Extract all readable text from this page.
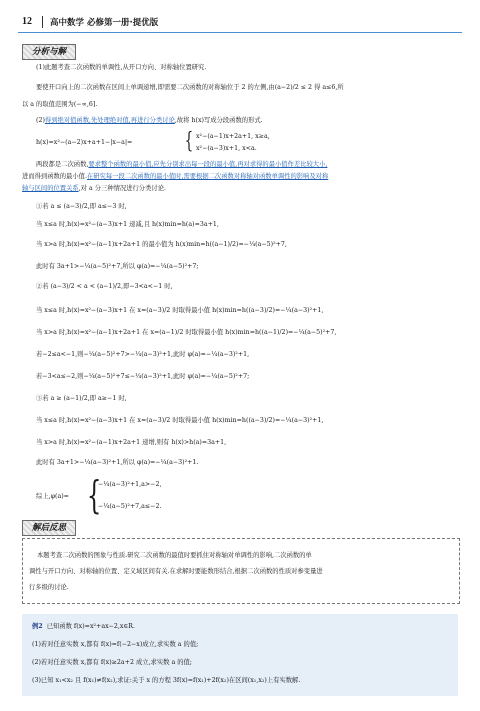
12 高中数学 必修第一册·提优版
分析与解
(1)此题考查二次函数的单调性,从开口方向、对称轴位置研究.
要使开口向上的二次函数在区间上单调递增,即需要二次函数的对称轴位于 2 的左侧,由(a−2)/2 ≤ 2 得 a≤6,所
以 a 的取值范围为(−∞,6].
(2)得到绝对值函数,先处理绝对值,再进行分类讨论,故将 h(x)写成分段函数的形式.
h(x)=x²−(a−2)x+a+1−|x−a|= { x²−(a−1)x+2a+1, x≥a,
x²−(a−3)x+1, x<a.
两段都是二次函数,要求整个函数的最小值,应先分别求出每一段的最小值,再对求得的最小值作差比较大小,
进而得到函数的最小值.在研究每一段二次函数的最小值时,需要根据二次函数对称轴对函数单调性的影响及对称
轴与区间的位置关系,对 a 分三种情况进行分类讨论.
①若 a ≤ (a−3)/2,即 a≤−3 时,
当 x≤a 时,h(x)=x²−(a−3)x+1 递减,且 h(x)min=h(a)=3a+1,
当 x>a 时,h(x)=x²−(a−1)x+2a+1 的最小值为 h(x)min=h((a−1)/2)=−¼(a−5)²+7,
此时有 3a+1>−¼(a−5)²+7,所以 φ(a)=−¼(a−5)²+7;
②若 (a−3)/2 < a < (a−1)/2,即−3<a<−1 时,
当 x≤a 时,h(x)=x²−(a−3)x+1 在 x=(a−3)/2 时取得最小值 h(x)min=h((a−3)/2)=−¼(a−3)²+1,
当 x>a 时,h(x)=x²−(a−1)x+2a+1 在 x=(a−1)/2 时取得最小值 h(x)min=h((a−1)/2)=−¼(a−5)²+7,
若−2≤a<−1,则−¼(a−5)²+7>−¼(a−3)²+1,此时 φ(a)=−¼(a−3)²+1,
若−3<a≤−2,则−¼(a−5)²+7≤−¼(a−3)²+1,此时 φ(a)=−¼(a−5)²+7;
③若 a ≥ (a−1)/2,即 a≥−1 时,
当 x≤a 时,h(x)=x²−(a−3)x+1 在 x=(a−3)/2 时取得最小值 h(x)min=h((a−3)/2)=−¼(a−3)²+1,
当 x>a 时,h(x)=x²−(a−1)x+2a+1 递增,则有 h(x)>h(a)=3a+1,
此时有 3a+1>−¼(a−3)²+1,所以 φ(a)=−¼(a−3)²+1.
综上,φ(a)= {
−¼(a−3)²+1,a>−2,
−¼(a−5)²+7,a≤−2.
解后反思
本题考查二次函数的图象与性质.研究二次函数的最值时要抓住对称轴对单调性的影响,二次函数的单
调性与开口方向、对称轴的位置、定义域区间有关.在求解时要能数形结合,根据二次函数的性质对参变量进
行多级的讨论.
例2 已知函数 f(x)=x²+ax−2,x∈R.
(1)若对任意实数 x,都有 f(x)=f(−2−x)成立,求实数 a 的值;
(2)若对任意实数 x,都有 f(x)≥2a+2 成立,求实数 a 的值;
(3)已知 x₁<x₂ 且 f(x₁)≠f(x₂),求证:关于 x 的方程 3f(x)=f(x₁)+2f(x₂)在区间(x₁,x₂)上有实数解.
